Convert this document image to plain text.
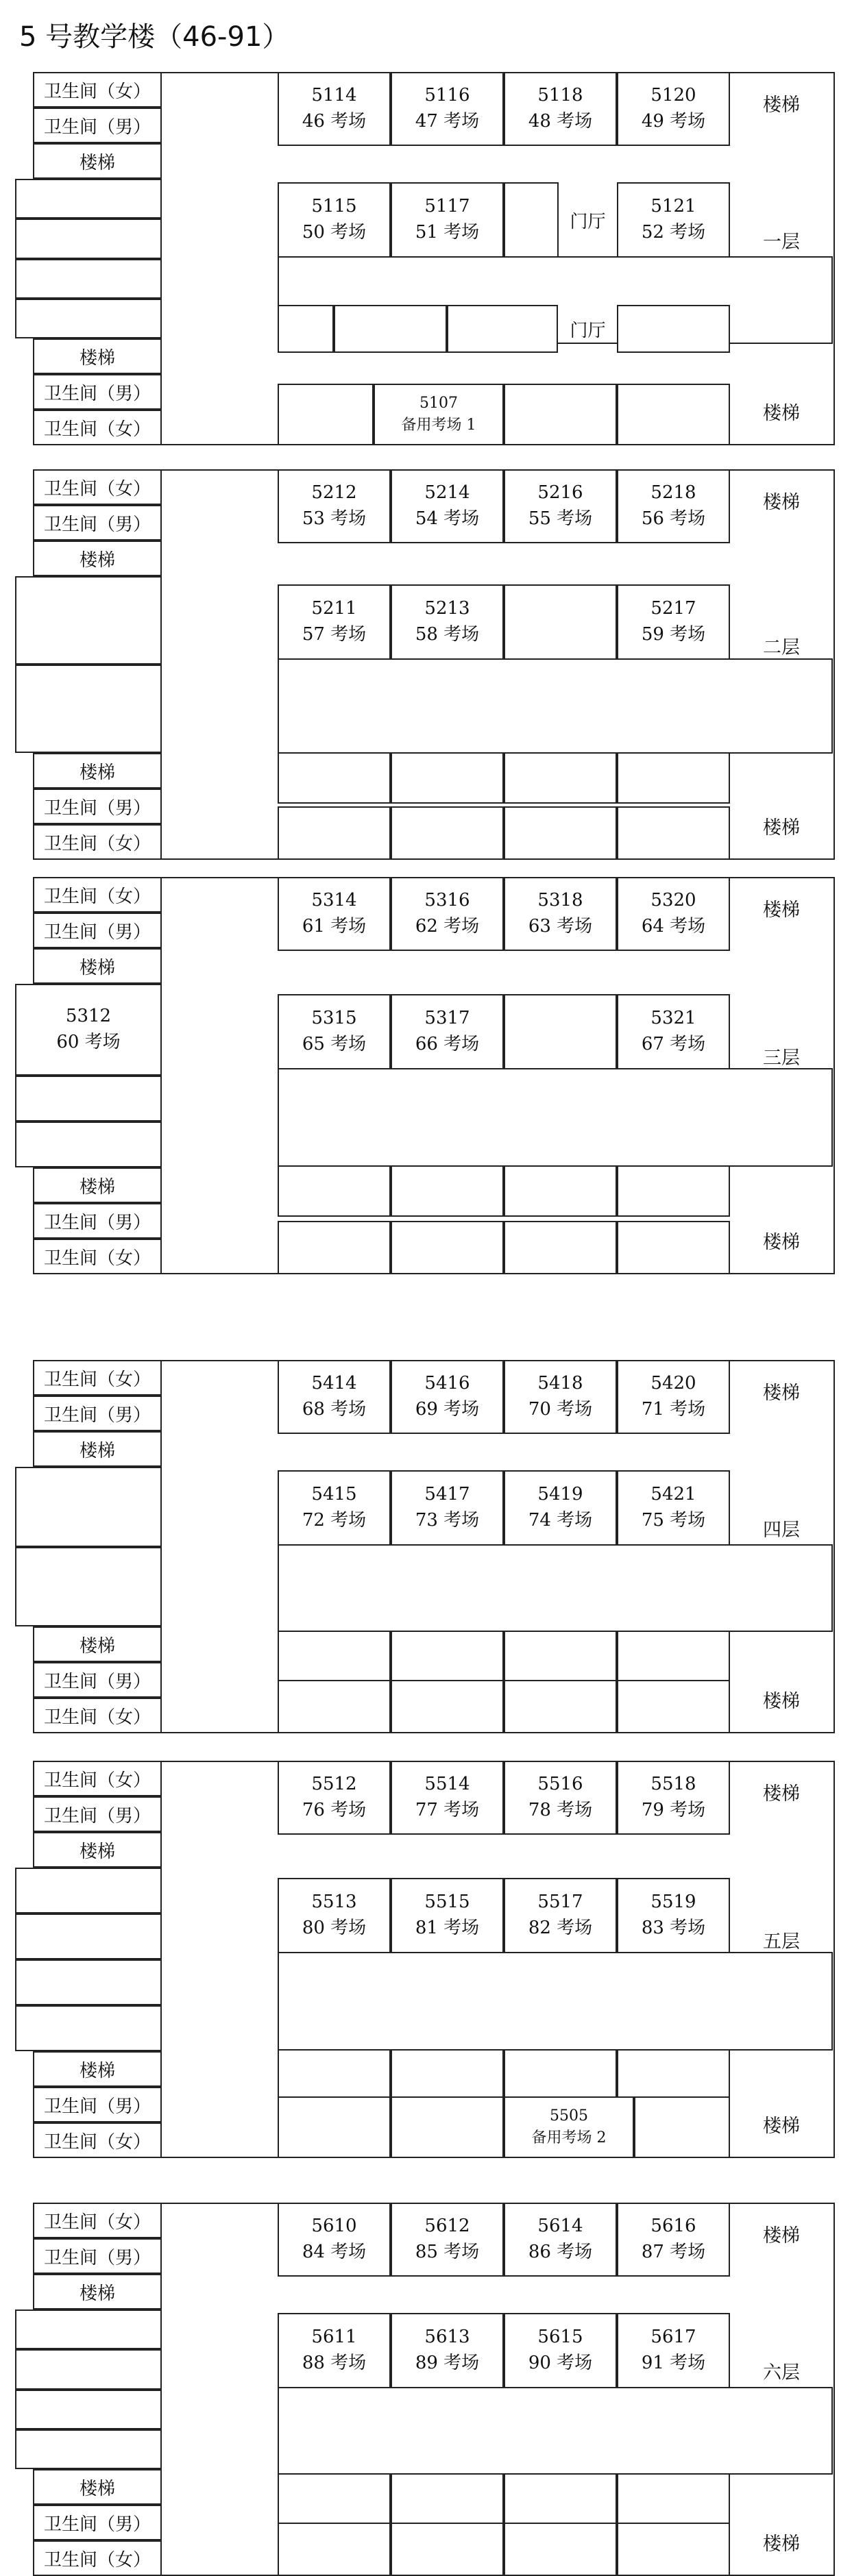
5 号教学楼（46-91）
卫生间（女）
卫生间（男）
楼梯
卫生间（女）
卫生间（男）
楼梯
楼梯
楼梯
一层
5114
46 考场
5116
47 考场
5118
48 考场
5120
49 考场
5115
50 考场
5117
51 考场
门厅
5121
52 考场
门厅
5107
备用考场 1
卫生间（女）
卫生间（男）
楼梯
卫生间（女）
卫生间（男）
楼梯
楼梯
楼梯
二层
5212
53 考场
5214
54 考场
5216
55 考场
5218
56 考场
5211
57 考场
5213
58 考场
5217
59 考场
卫生间（女）
卫生间（男）
楼梯
卫生间（女）
卫生间（男）
楼梯
5312
60 考场
楼梯
楼梯
三层
5314
61 考场
5316
62 考场
5318
63 考场
5320
64 考场
5315
65 考场
5317
66 考场
5321
67 考场
卫生间（女）
卫生间（男）
楼梯
卫生间（女）
卫生间（男）
楼梯
楼梯
楼梯
四层
5414
68 考场
5416
69 考场
5418
70 考场
5420
71 考场
5415
72 考场
5417
73 考场
5419
74 考场
5421
75 考场
卫生间（女）
卫生间（男）
楼梯
卫生间（女）
卫生间（男）
楼梯
楼梯
楼梯
五层
5512
76 考场
5514
77 考场
5516
78 考场
5518
79 考场
5513
80 考场
5515
81 考场
5517
82 考场
5519
83 考场
5505
备用考场 2
卫生间（女）
卫生间（男）
楼梯
卫生间（女）
卫生间（男）
楼梯
楼梯
楼梯
六层
5610
84 考场
5612
85 考场
5614
86 考场
5616
87 考场
5611
88 考场
5613
89 考场
5615
90 考场
5617
91 考场
